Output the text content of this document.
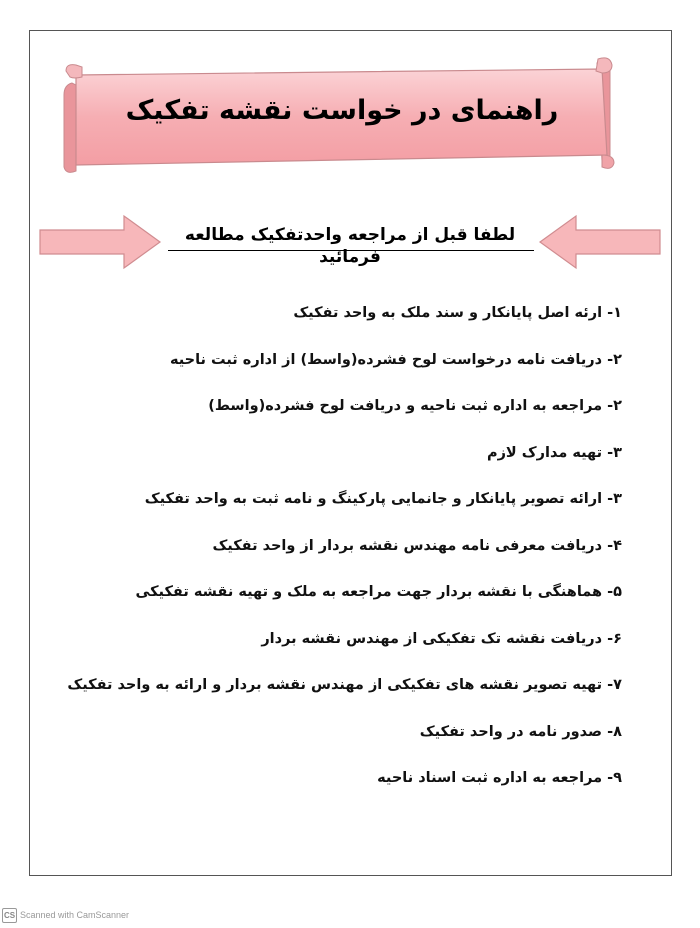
راهنمای در خواست نقشه تفکیک
لطفا قبل از مراجعه واحدتفکیک مطالعه فرمائید
۱- ارئه اصل پایانکار و سند ملک به واحد تفکیک
۲- دریافت نامه درخواست لوح فشرده(واسط) از اداره ثبت ناحیه
۲- مراجعه به اداره ثبت ناحیه و دریافت لوح فشرده(واسط)
۳- تهیه مدارک لازم
۳- ارائه تصویر پایانکار و جانمایی پارکینگ و نامه ثبت به واحد تفکیک
۴- دریافت معرفی نامه مهندس نقشه بردار از واحد تفکیک
۵- هماهنگی با نقشه بردار جهت مراجعه به ملک و تهیه نقشه تفکیکی
۶- دریافت نقشه تک تفکیکی از مهندس نقشه بردار
۷- تهیه تصویر نقشه های تفکیکی از مهندس نقشه بردار و ارائه به واحد تفکیک
۸- صدور نامه در واحد تفکیک
۹- مراجعه به اداره ثبت اسناد ناحیه
CS Scanned with CamScanner
